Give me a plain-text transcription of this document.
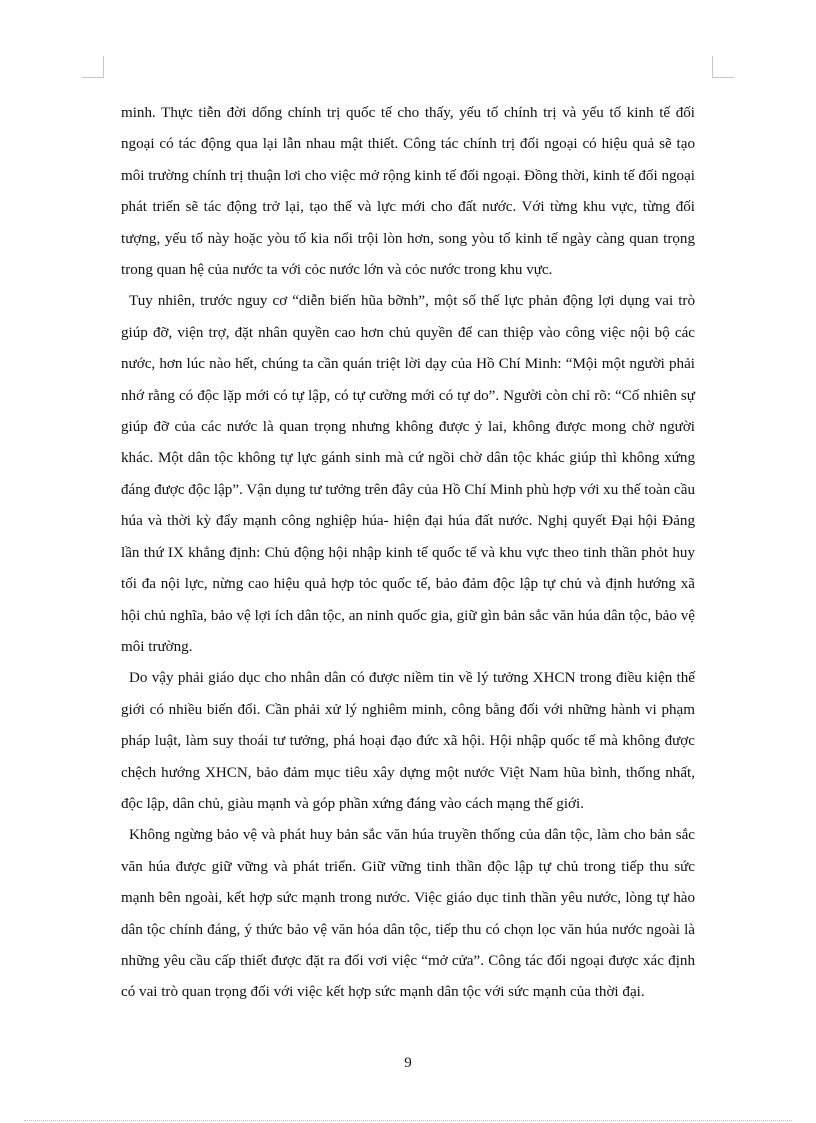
minh. Thực tiễn đời dống chính trị quốc tế cho thấy, yếu tố chính trị và yếu tố kinh tế đối ngoại có tác động qua lại lẫn nhau mật thiết. Công tác chính trị đối ngoại có hiệu quả sẽ tạo môi trường chính trị thuận lơi cho việc mở rộng kinh tế đối ngoại. Đồng thời, kinh tế đối ngoại phát triển sẽ tác động trở lại, tạo thế và lực mới cho đất nước. Với từng khu vực, từng đối tượng, yếu tố này hoặc yòu tố kia nổi trội lòn hơn, song yòu tố kinh tế ngày càng quan trọng trong quan hệ của nước ta với cỏc nước lớn và cỏc nước trong khu vực.

Tuy nhiên, trước nguy cơ “diễn biến hũa bỡnh”, một số thế lực phản động lợi dụng vai trò giúp đỡ, viện trợ, đặt nhân quyền cao hơn chủ quyền để can thiệp vào công việc nội bộ các nước, hơn lúc nào hết, chúng ta cần quán triệt lời dạy của Hồ Chí Minh: “Mội một người phải nhớ rằng có độc lặp mới có tự lập, có tự cường mới có tự do”. Người còn chỉ rõ: “Cố nhiên sự giúp đỡ của các nước là quan trọng nhưng không được ỷ lai, không được mong chờ người khác. Một dân tộc không tự lực gánh sinh mà cứ ngồi chờ dân tộc khác giúp thì không xứng đáng được độc lập”. Vận dụng tư tưởng trên đây của Hồ Chí Minh phù hợp với xu thế toàn cầu húa và thời kỳ đẩy mạnh công nghiệp húa- hiện đại húa đất nước. Nghị quyết Đại hội Đảng lần thứ IX khẳng định: Chủ động hội nhập kinh tế quốc tế và khu vực theo tinh thần phỏt huy tối đa nội lực, nừng cao hiệu quả hợp tỏc quốc tế, bảo đảm độc lập tự chủ và định hướng xã hội chủ nghĩa, bảo vệ lợi ích dân tộc, an ninh quốc gia, giữ gìn bản sắc văn húa dân tộc, bảo vệ môi trường.

Do vậy phải giáo dục cho nhân dân có được niềm tin về lý tưởng XHCN trong điều kiện thế giới có nhiều biến đổi. Cần phải xử lý nghiêm minh, công bằng đối với những hành vi phạm pháp luật, làm suy thoái tư tưởng, phá hoại đạo đức xã hội. Hội nhập quốc tế mà không được chệch hướng XHCN, bảo đảm mục tiêu xây dựng một nước Việt Nam hũa bình, thống nhất, độc lập, dân chủ, giàu mạnh và góp phần xứng đáng vào cách mạng thế giới.

Không ngừng bảo vệ và phát huy bản sắc văn húa truyền thống của dân tộc, làm cho bản sắc văn húa được giữ vững và phát triển. Giữ vững tinh thần độc lập tự chủ trong tiếp thu sức mạnh bên ngoài, kết hợp sức mạnh trong nước. Việc giáo dục tinh thần yêu nước, lòng tự hào dân tộc chính đáng, ý thức bảo vệ văn hóa dân tộc, tiếp thu có chọn lọc văn húa nước ngoài là những yêu cầu cấp thiết được đặt ra đối vơi việc “mở cửa”. Công tác đối ngoại được xác định có vai trò quan trọng đối với việc kết hợp sức mạnh dân tộc với sức mạnh của thời đại.

9
